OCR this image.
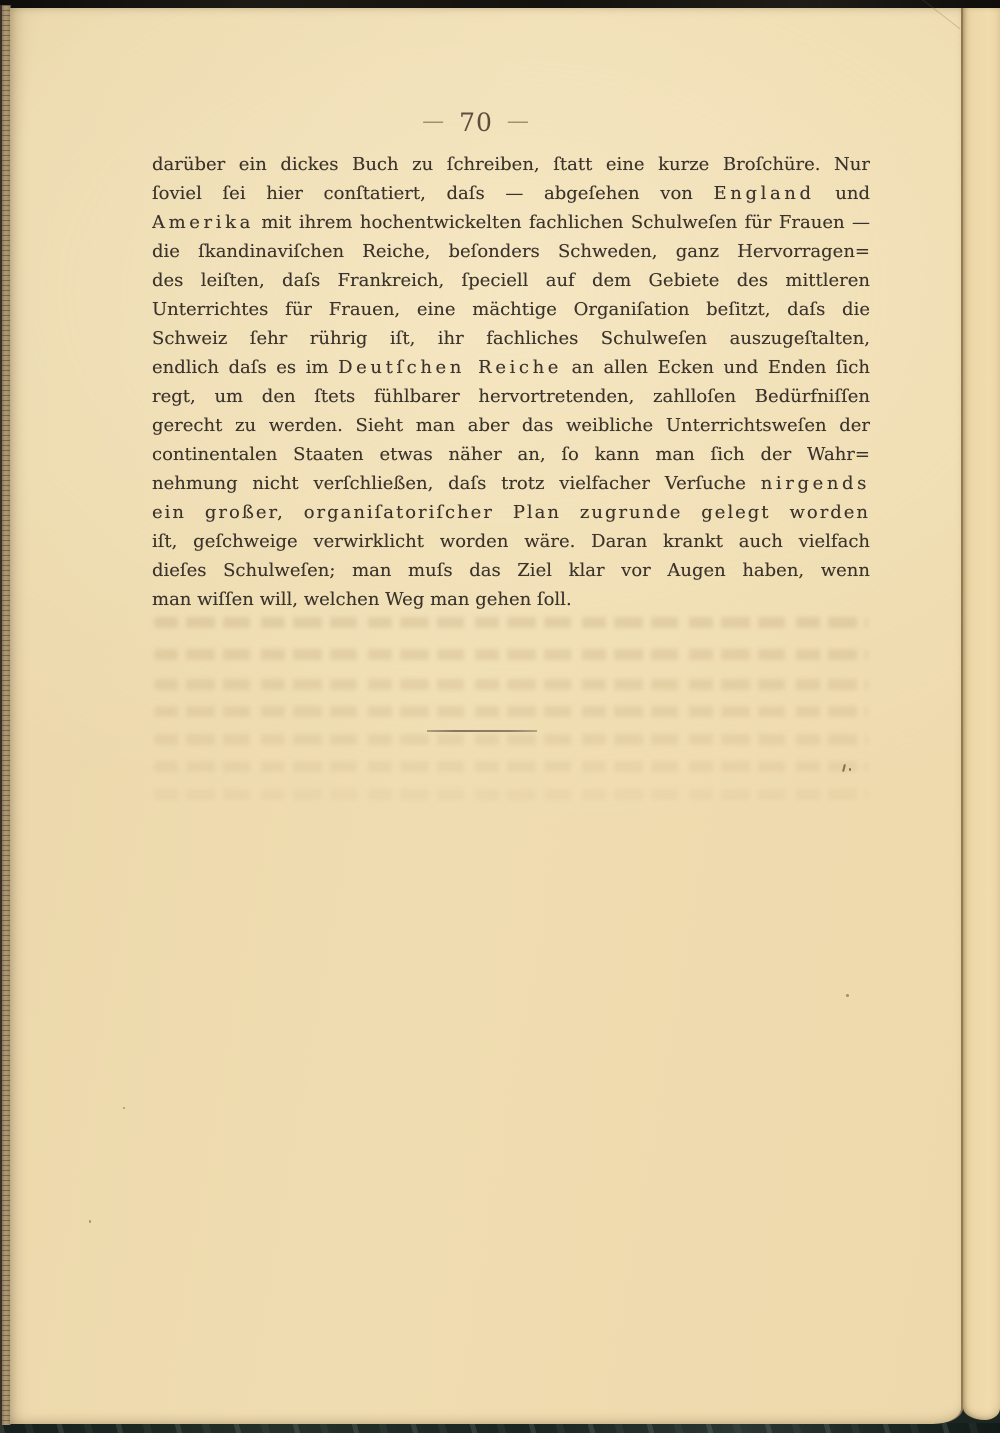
— 70 —
darüber ein dickes Buch zu ſchreiben, ſtatt eine kurze Broſchüre. Nur
ſoviel ſei hier conſtatiert, daſs — abgeſehen von England und
Amerika mit ihrem hochentwickelten fachlichen Schulweſen für Frauen —
die ſkandinaviſchen Reiche, beſonders Schweden, ganz Hervorragen=
des leiſten, daſs Frankreich, ſpeciell auf dem Gebiete des mittleren
Unterrichtes für Frauen, eine mächtige Organiſation beſitzt, daſs die
Schweiz ſehr rührig iſt, ihr fachliches Schulweſen auszugeſtalten,
endlich daſs es im Deutſchen Reiche an allen Ecken und Enden ſich
regt, um den ſtets fühlbarer hervortretenden, zahlloſen Bedürfniſſen
gerecht zu werden. Sieht man aber das weibliche Unterrichtsweſen der
continentalen Staaten etwas näher an, ſo kann man ſich der Wahr=
nehmung nicht verſchließen, daſs trotz vielfacher Verſuche nirgends
ein großer, organiſatoriſcher Plan zugrunde gelegt worden
iſt, geſchweige verwirklicht worden wäre. Daran krankt auch vielfach
dieſes Schulweſen; man muſs das Ziel klar vor Augen haben, wenn
man wiſſen will, welchen Weg man gehen ſoll.
